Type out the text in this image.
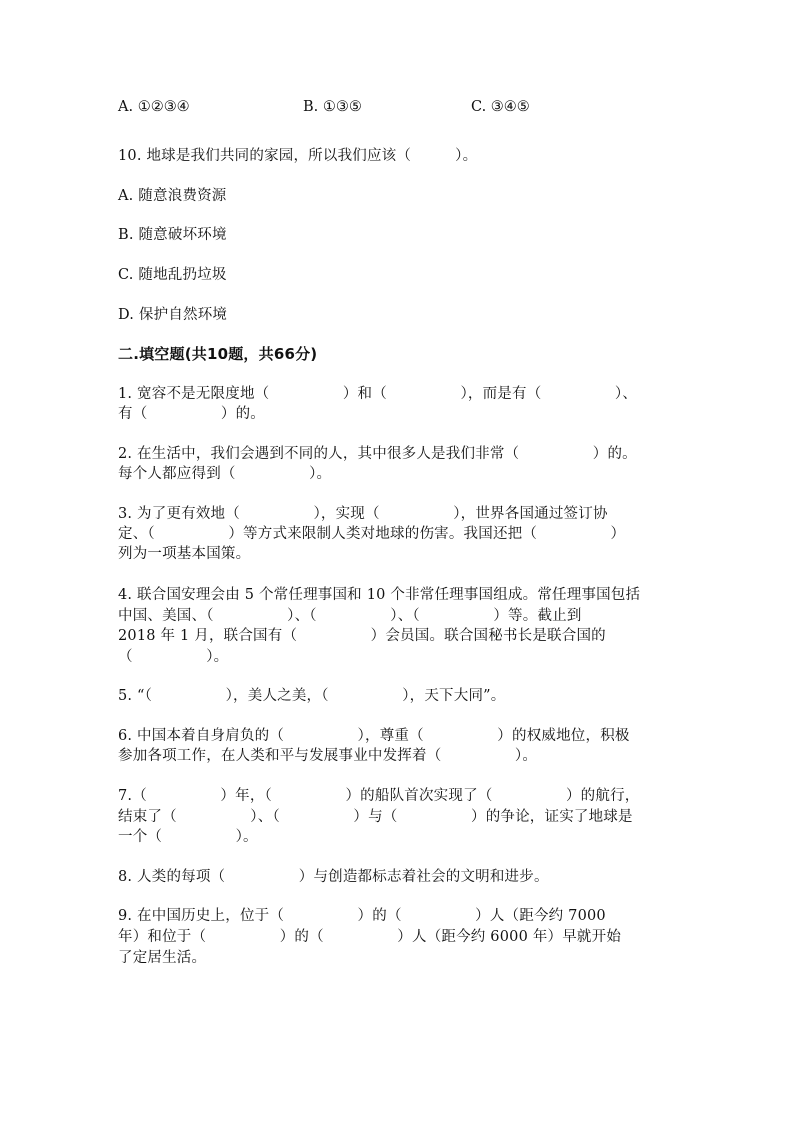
A. ①②③④	B. ①③⑤	C. ③④⑤
10. 地球是我们共同的家园，所以我们应该（　　　）。
A. 随意浪费资源
B. 随意破坏环境
C. 随地乱扔垃圾
D. 保护自然环境
二.填空题(共10题，共66分)
1. 宽容不是无限度地（　　　　　）和（　　　　　），而是有（　　　　　）、
有（　　　　　）的。
2. 在生活中，我们会遇到不同的人，其中很多人是我们非常（　　　　　）的。
每个人都应得到（　　　　　）。
3. 为了更有效地（　　　　　），实现（　　　　　），世界各国通过签订协
定、（　　　　　）等方式来限制人类对地球的伤害。我国还把（　　　　　）
列为一项基本国策。
4. 联合国安理会由 5 个常任理事国和 10 个非常任理事国组成。常任理事国包括
中国、美国、（　　　　　）、（　　　　　）、（　　　　　）等。截止到
2018 年 1 月，联合国有（　　　　　）会员国。联合国秘书长是联合国的
（　　　　　）。
5. “（　　　　　），美人之美，（　　　　　），天下大同”。
6. 中国本着自身肩负的（　　　　　），尊重（　　　　　）的权威地位，积极
参加各项工作，在人类和平与发展事业中发挥着（　　　　　）。
7.（　　　　　）年，（　　　　　）的船队首次实现了（　　　　　）的航行，
结束了（　　　　　）、（　　　　　）与（　　　　　）的争论，证实了地球是
一个（　　　　　）。
8. 人类的每项（　　　　　）与创造都标志着社会的文明和进步。
9. 在中国历史上，位于（　　　　　）的（　　　　　）人（距今约 7000
年）和位于（　　　　　）的（　　　　　）人（距今约 6000 年）早就开始
了定居生活。
